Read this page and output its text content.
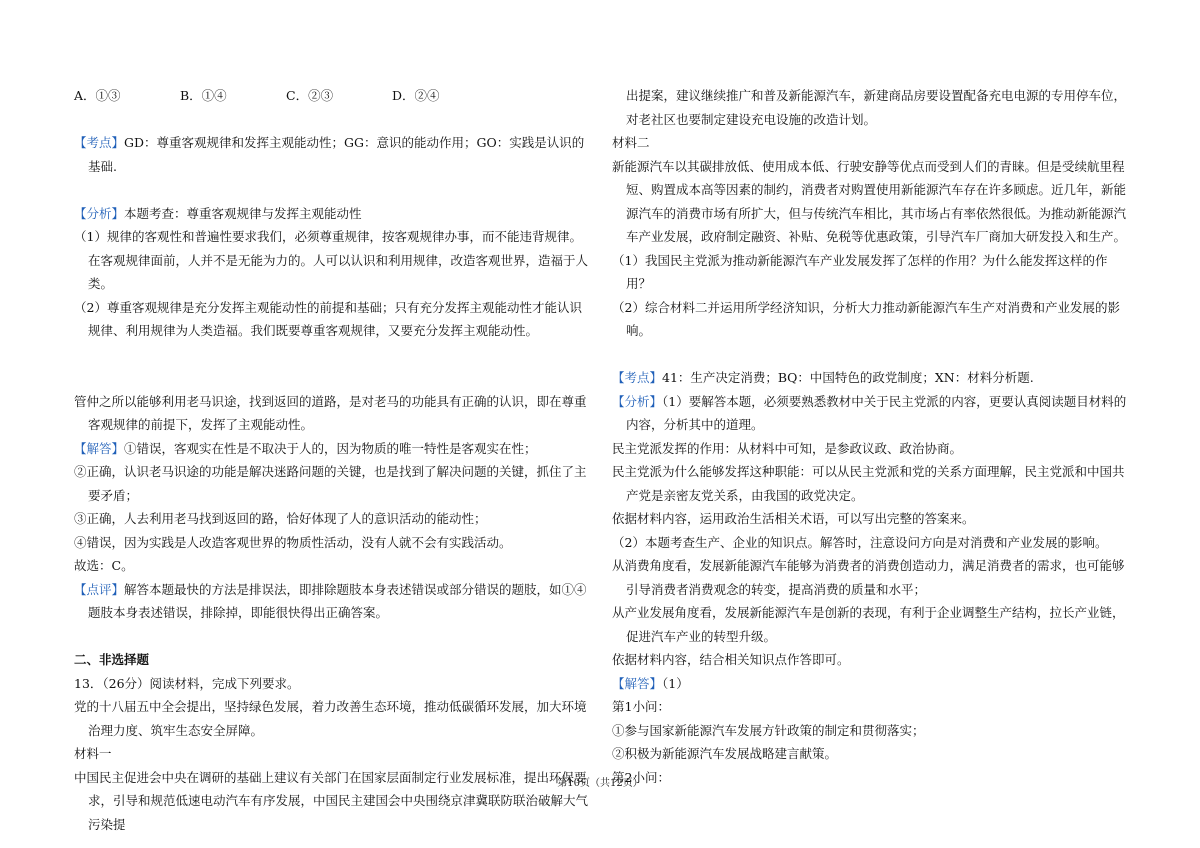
A．①③	B．①④	C．②③	D．②④

【考点】GD：尊重客观规律和发挥主观能动性；GG：意识的能动作用；GO：实践是认识的基础.

【分析】本题考查：尊重客观规律与发挥主观能动性

（1）规律的客观性和普遍性要求我们，必须尊重规律，按客观规律办事，而不能违背规律。在客观规律面前，人并不是无能为力的。人可以认识和利用规律，改造客观世界，造福于人类。

（2）尊重客观规律是充分发挥主观能动性的前提和基础；只有充分发挥主观能动性才能认识规律、利用规律为人类造福。我们既要尊重客观规律，又要充分发挥主观能动性。

管仲之所以能够利用老马识途，找到返回的道路，是对老马的功能具有正确的认识，即在尊重客观规律的前提下，发挥了主观能动性。

【解答】①错误，客观实在性是不取决于人的，因为物质的唯一特性是客观实在性；

②正确，认识老马识途的功能是解决迷路问题的关键，也是找到了解决问题的关键，抓住了主要矛盾；

③正确，人去利用老马找到返回的路，恰好体现了人的意识活动的能动性；

④错误，因为实践是人改造客观世界的物质性活动，没有人就不会有实践活动。

故选：C。

【点评】解答本题最快的方法是排误法，即排除题肢本身表述错误或部分错误的题肢，如①④题肢本身表述错误，排除掉，即能很快得出正确答案。

二、非选择题

13．（26分）阅读材料，完成下列要求。

党的十八届五中全会提出，坚持绿色发展，着力改善生态环境，推动低碳循环发展，加大环境治理力度、筑牢生态安全屏障。

材料一

中国民主促进会中央在调研的基础上建议有关部门在国家层面制定行业发展标准，提出环保要求，引导和规范低速电动汽车有序发展，中国民主建国会中央围绕京津冀联防联治破解大气污染提

出提案，建议继续推广和普及新能源汽车，新建商品房要设置配备充电电源的专用停车位，对老社区也要制定建设充电设施的改造计划。

材料二

新能源汽车以其碳排放低、使用成本低、行驶安静等优点而受到人们的青睐。但是受续航里程短、购置成本高等因素的制约，消费者对购置使用新能源汽车存在许多顾虑。近几年，新能源汽车的消费市场有所扩大，但与传统汽车相比，其市场占有率依然很低。为推动新能源汽车产业发展，政府制定融资、补贴、免税等优惠政策，引导汽车厂商加大研发投入和生产。

（1）我国民主党派为推动新能源汽车产业发展发挥了怎样的作用？为什么能发挥这样的作用？

（2）综合材料二并运用所学经济知识，分析大力推动新能源汽车生产对消费和产业发展的影响。

【考点】41：生产决定消费；BQ：中国特色的政党制度；XN：材料分析题.

【分析】（1）要解答本题，必须要熟悉教材中关于民主党派的内容，更要认真阅读题目材料的内容，分析其中的道理。

民主党派发挥的作用：从材料中可知，是参政议政、政治协商。

民主党派为什么能够发挥这种职能：可以从民主党派和党的关系方面理解，民主党派和中国共产党是亲密友党关系，由我国的政党决定。

依据材料内容，运用政治生活相关术语，可以写出完整的答案来。

（2）本题考查生产、企业的知识点。解答时，注意设问方向是对消费和产业发展的影响。

从消费角度看，发展新能源汽车能够为消费者的消费创造动力，满足消费者的需求，也可能够引导消费者消费观念的转变，提高消费的质量和水平；

从产业发展角度看，发展新能源汽车是创新的表现，有利于企业调整生产结构，拉长产业链，促进汽车产业的转型升级。

依据材料内容，结合相关知识点作答即可。

【解答】（1）

第1小问：

①参与国家新能源汽车发展方针政策的制定和贯彻落实；

②积极为新能源汽车发展战略建言献策。

第2小问：

第10页（共12页）
